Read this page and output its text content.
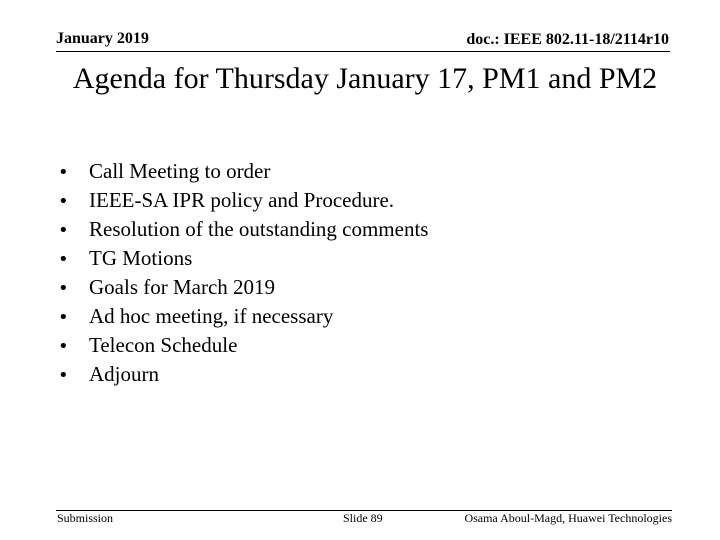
January 2019	doc.: IEEE 802.11-18/2114r10
Agenda for Thursday January 17, PM1 and PM2
• Call Meeting to order
• IEEE-SA IPR policy and Procedure.
• Resolution of the outstanding comments
• TG Motions
• Goals for March 2019
• Ad hoc meeting, if necessary
• Telecon Schedule
• Adjourn
Submission	Slide 89	Osama Aboul-Magd, Huawei Technologies
